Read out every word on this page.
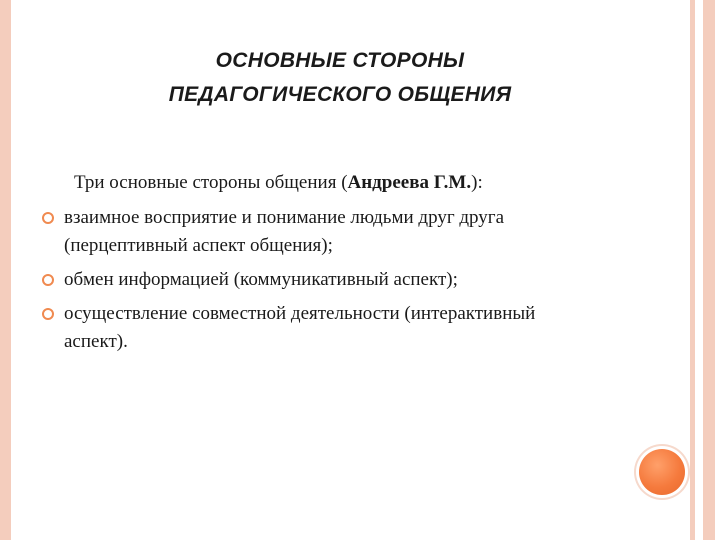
ОСНОВНЫЕ СТОРОНЫ
ПЕДАГОГИЧЕСКОГО ОБЩЕНИЯ
Три основные стороны общения (Андреева Г.М.):
взаимное восприятие и понимание людьми друг друга (перцептивный аспект общения);
обмен информацией (коммуникативный аспект);
осуществление совместной деятельности (интерактивный аспект).
